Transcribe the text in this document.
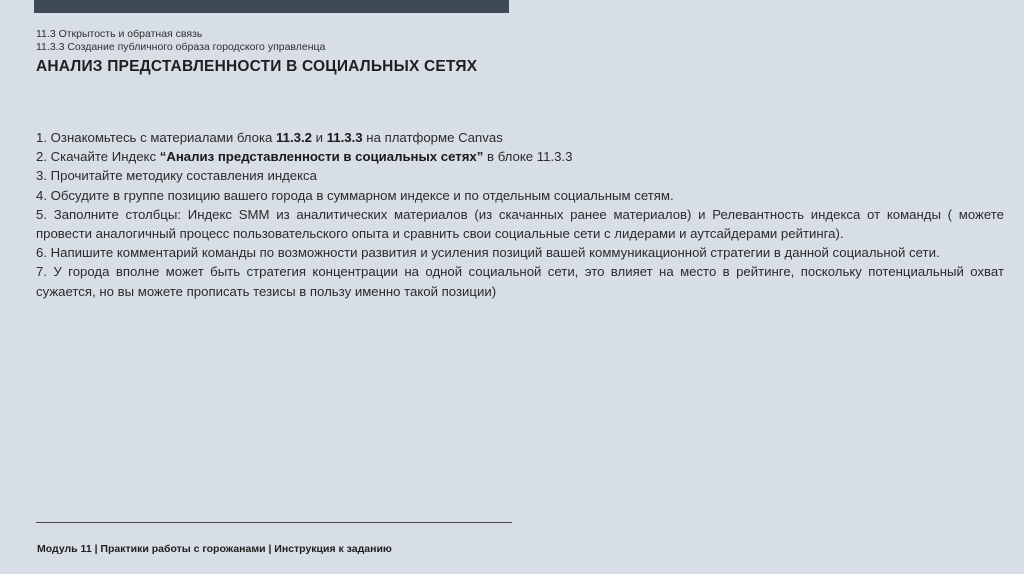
11.3 Открытость и обратная связь
11.3.3 Создание публичного образа городского управленца
АНАЛИЗ ПРЕДСТАВЛЕННОСТИ В СОЦИАЛЬНЫХ СЕТЯХ

1. Ознакомьтесь с материалами блока 11.3.2 и 11.3.3 на платформе Canvas

2. Скачайте Индекс “Анализ представленности в социальных сетях” в блоке 11.3.3

3. Прочитайте методику составления индекса

4. Обсудите в группе позицию вашего города в суммарном индексе и по отдельным социальным сетям.

5. Заполните столбцы: Индекс SMM из аналитических материалов (из скачанных ранее материалов) и Релевантность индекса от команды ( можете провести аналогичный процесс пользовательского опыта и сравнить свои социальные сети с лидерами и аутсайдерами рейтинга).

6. Напишите комментарий команды по возможности развития и усиления позиций вашей коммуникационной стратегии в данной социальной сети.

7. У города вполне может быть стратегия концентрации на одной социальной сети, это влияет на место в рейтинге, поскольку потенциальный охват сужается, но вы можете прописать тезисы в пользу именно такой позиции)

Модуль 11 | Практики работы с горожанами | Инструкция к заданию
